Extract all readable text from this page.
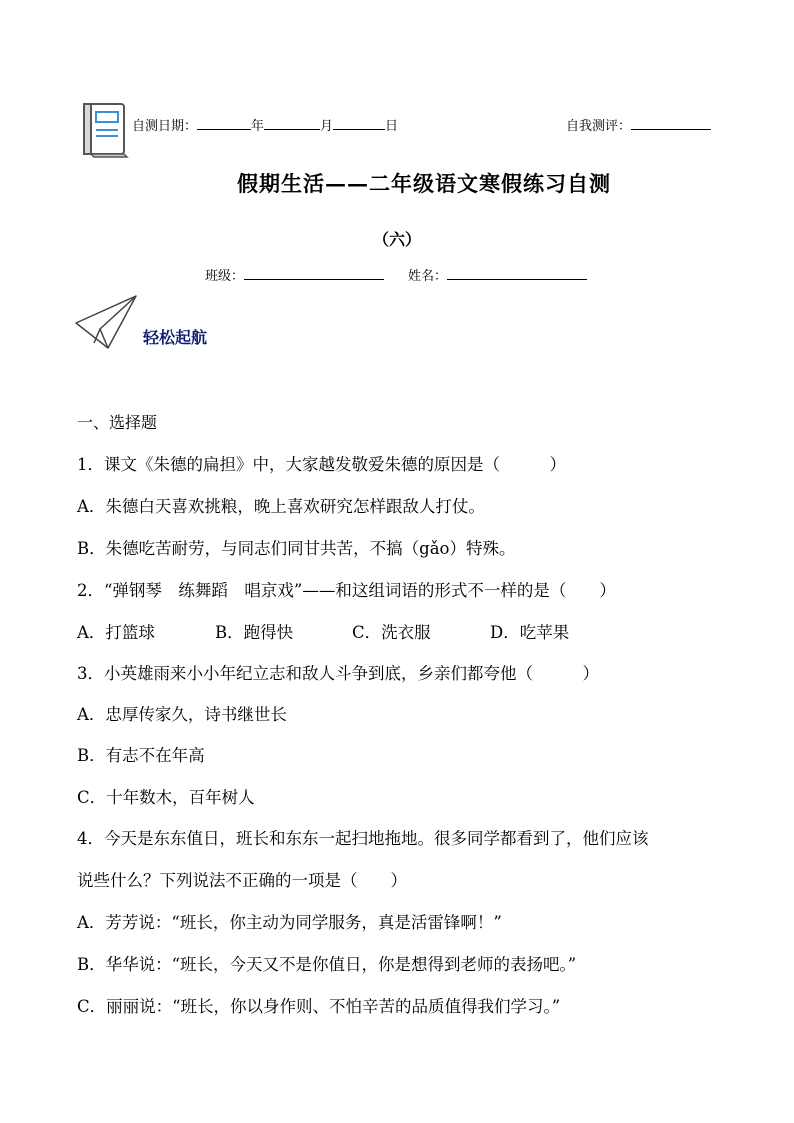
自测日期：	年	月	日	自我测评：
假期生活——二年级语文寒假练习自测
（六）
班级：	姓名：
轻松起航
一、选择题
1．课文《朱德的扁担》中，大家越发敬爱朱德的原因是（　　　）
A．朱德白天喜欢挑粮，晚上喜欢研究怎样跟敌人打仗。
B．朱德吃苦耐劳，与同志们同甘共苦，不搞（gǎo）特殊。
2．“弹钢琴　练舞蹈　唱京戏”——和这组词语的形式不一样的是（　　）
A．打篮球	B．跑得快	C．洗衣服	D．吃苹果
3．小英雄雨来小小年纪立志和敌人斗争到底，乡亲们都夸他（　　　）
A．忠厚传家久，诗书继世长
B．有志不在年高
C．十年数木，百年树人
4．今天是东东值日，班长和东东一起扫地拖地。很多同学都看到了，他们应该
说些什么？下列说法不正确的一项是（　　）
A．芳芳说：“班长，你主动为同学服务，真是活雷锋啊！”
B．华华说：“班长，今天又不是你值日，你是想得到老师的表扬吧。”
C．丽丽说：“班长，你以身作则、不怕辛苦的品质值得我们学习。”
